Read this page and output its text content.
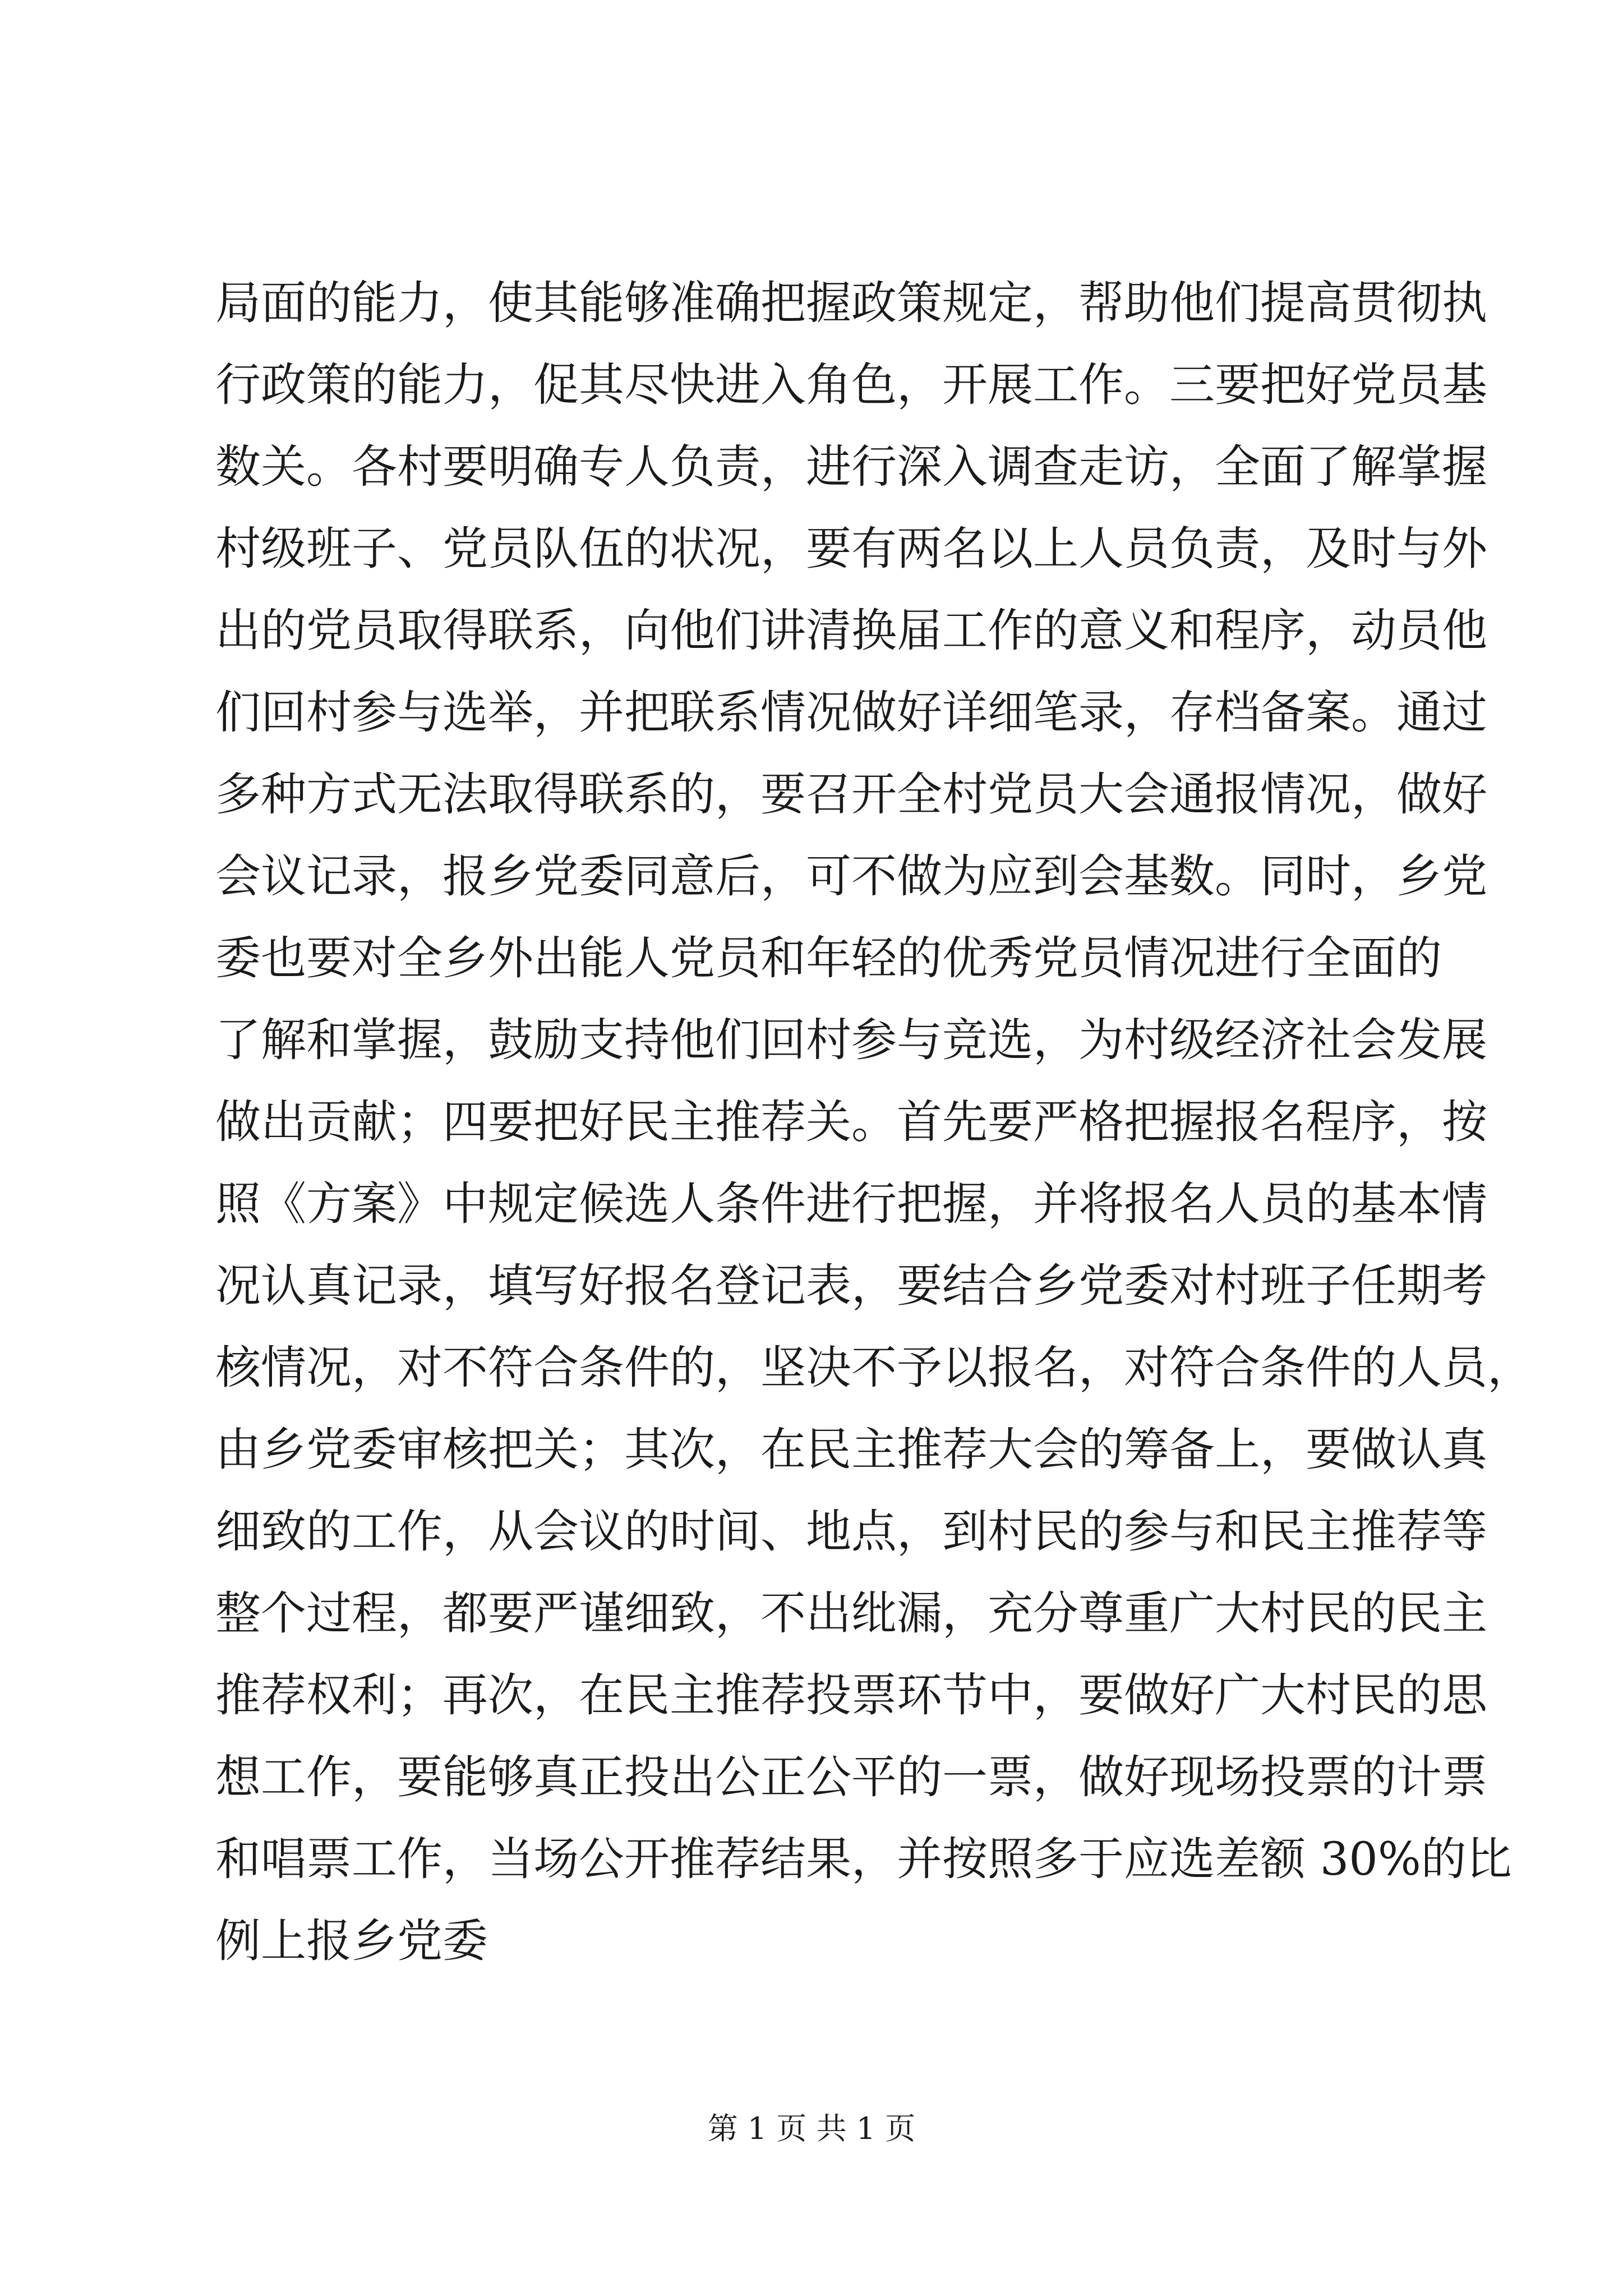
局面的能力，使其能够准确把握政策规定，帮助他们提高贯彻执
行政策的能力，促其尽快进入角色，开展工作。三要把好党员基
数关。各村要明确专人负责，进行深入调查走访，全面了解掌握
村级班子、党员队伍的状况，要有两名以上人员负责，及时与外
出的党员取得联系，向他们讲清换届工作的意义和程序，动员他
们回村参与选举，并把联系情况做好详细笔录，存档备案。通过
多种方式无法取得联系的，要召开全村党员大会通报情况，做好
会议记录，报乡党委同意后，可不做为应到会基数。同时，乡党
委也要对全乡外出能人党员和年轻的优秀党员情况进行全面的
了解和掌握，鼓励支持他们回村参与竞选，为村级经济社会发展
做出贡献；四要把好民主推荐关。首先要严格把握报名程序，按
照《方案》中规定候选人条件进行把握，并将报名人员的基本情
况认真记录，填写好报名登记表，要结合乡党委对村班子任期考
核情况，对不符合条件的，坚决不予以报名，对符合条件的人员，
由乡党委审核把关；其次，在民主推荐大会的筹备上，要做认真
细致的工作，从会议的时间、地点，到村民的参与和民主推荐等
整个过程，都要严谨细致，不出纰漏，充分尊重广大村民的民主
推荐权利；再次，在民主推荐投票环节中，要做好广大村民的思
想工作，要能够真正投出公正公平的一票，做好现场投票的计票
和唱票工作，当场公开推荐结果，并按照多于应选差额 30%的比
例上报乡党委
第 1 页 共 1 页
